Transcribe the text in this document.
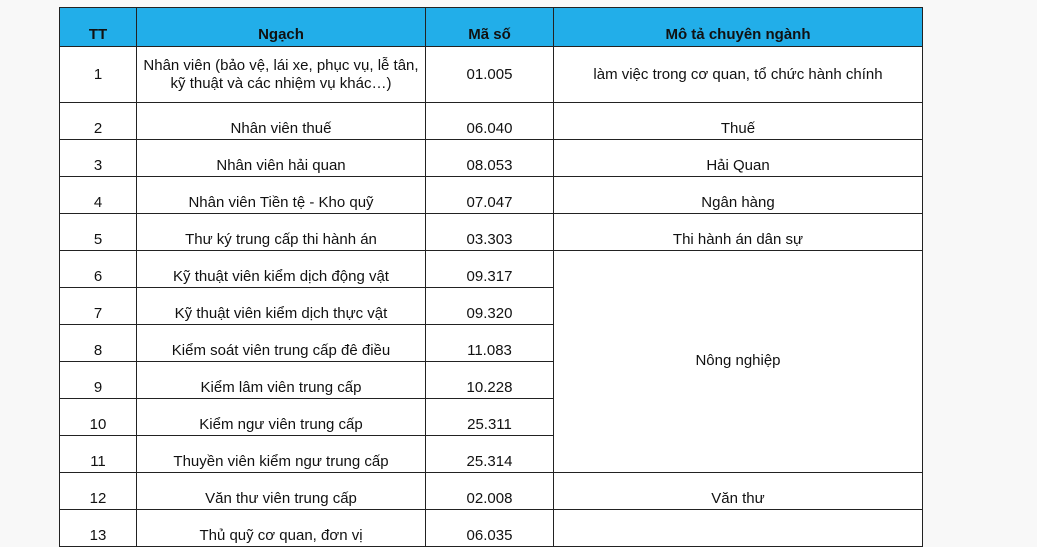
TT	Ngạch	Mã số	Mô tả chuyên ngành
1	Nhân viên (bảo vệ, lái xe, phục vụ, lễ tân, kỹ thuật và các nhiệm vụ khác…)	01.005	làm việc trong cơ quan, tổ chức hành chính
2	Nhân viên thuế	06.040	Thuế
3	Nhân viên hải quan	08.053	Hải Quan
4	Nhân viên Tiền tệ - Kho quỹ	07.047	Ngân hàng
5	Thư ký trung cấp thi hành án	03.303	Thi hành án dân sự
6	Kỹ thuật viên kiểm dịch động vật	09.317	Nông nghiệp
7	Kỹ thuật viên kiểm dịch thực vật	09.320	
8	Kiểm soát viên trung cấp đê điều	11.083	
9	Kiểm lâm viên trung cấp	10.228	
10	Kiểm ngư viên trung cấp	25.311	
11	Thuyền viên kiểm ngư trung cấp	25.314	
12	Văn thư viên trung cấp	02.008	Văn thư
13	Thủ quỹ cơ quan, đơn vị	06.035	
